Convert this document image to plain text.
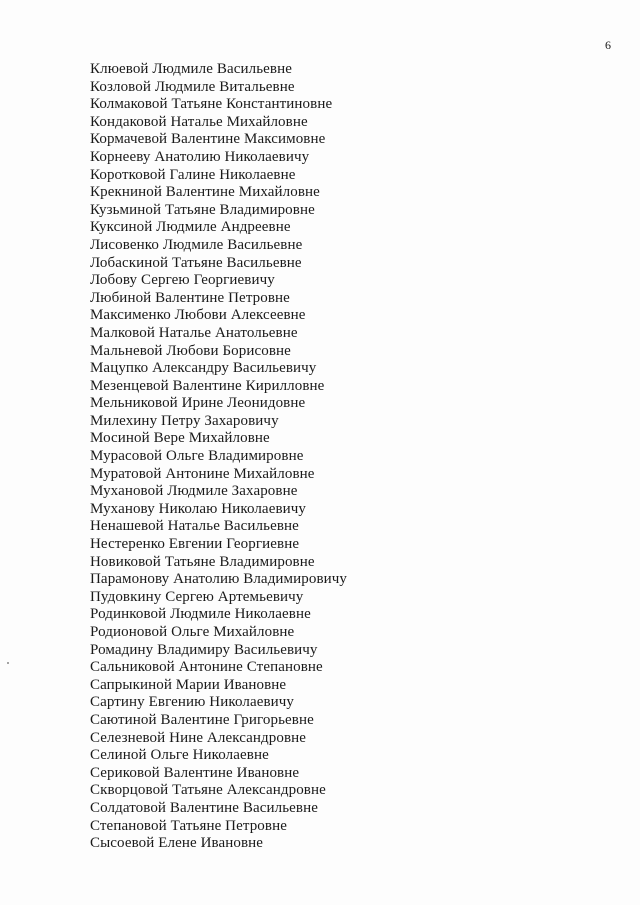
6
Клюевой Людмиле Васильевне
Козловой Людмиле Витальевне
Колмаковой Татьяне Константиновне
Кондаковой Наталье Михайловне
Кормачевой Валентине Максимовне
Корнееву Анатолию Николаевичу
Коротковой Галине Николаевне
Крекниной Валентине Михайловне
Кузьминой Татьяне Владимировне
Куксиной Людмиле Андреевне
Лисовенко Людмиле Васильевне
Лобаскиной Татьяне Васильевне
Лобову Сергею Георгиевичу
Любиной Валентине Петровне
Максименко Любови Алексеевне
Малковой Наталье Анатольевне
Мальневой Любови Борисовне
Мацупко Александру Васильевичу
Мезенцевой Валентине Кирилловне
Мельниковой Ирине Леонидовне
Милехину Петру Захаровичу
Мосиной Вере Михайловне
Мурасовой Ольге Владимировне
Муратовой Антонине Михайловне
Мухановой Людмиле Захаровне
Муханову Николаю Николаевичу
Ненашевой Наталье Васильевне
Нестеренко Евгении Георгиевне
Новиковой Татьяне Владимировне
Парамонову Анатолию Владимировичу
Пудовкину Сергею Артемьевичу
Родинковой Людмиле Николаевне
Родионовой Ольге Михайловне
Ромадину Владимиру Васильевичу
Сальниковой Антонине Степановне
Сапрыкиной Марии Ивановне
Сартину Евгению Николаевичу
Саютиной Валентине Григорьевне
Селезневой Нине Александровне
Селиной Ольге Николаевне
Сериковой Валентине Ивановне
Скворцовой Татьяне Александровне
Солдатовой Валентине Васильевне
Степановой Татьяне Петровне
Сысоевой Елене Ивановне
